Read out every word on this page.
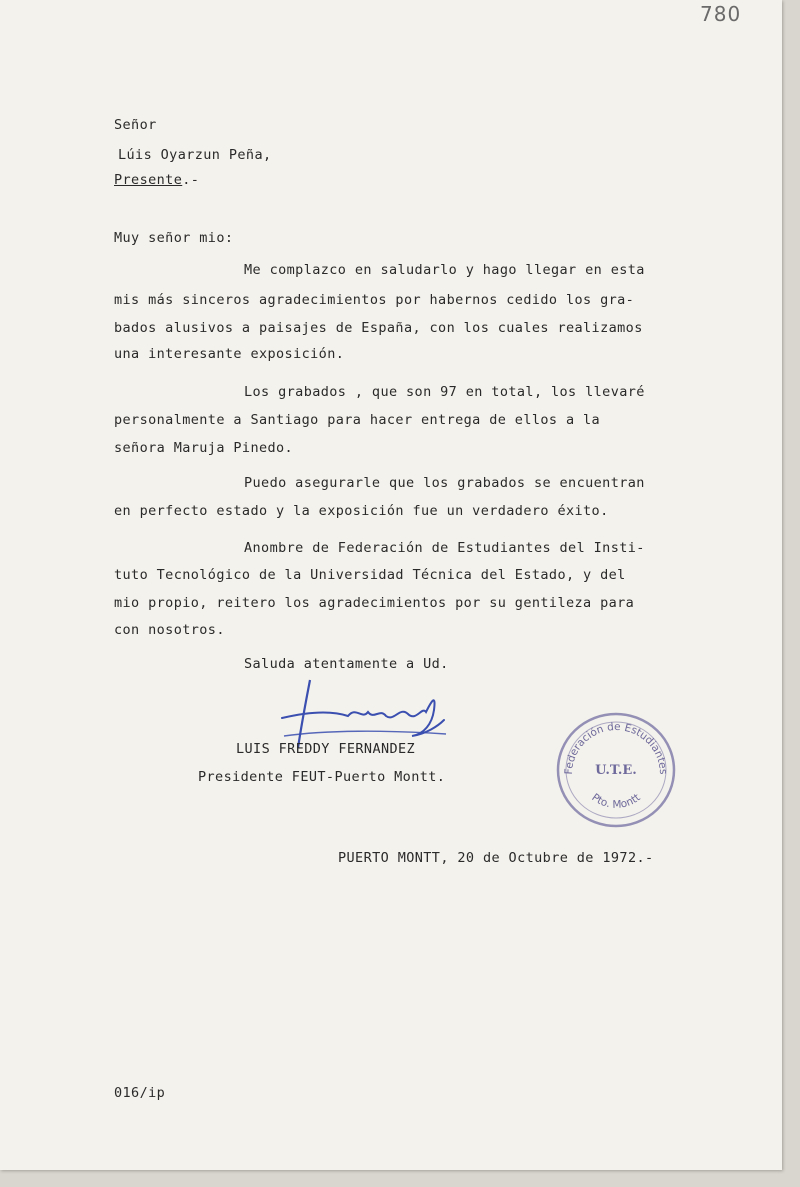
780
Señor
Lúis Oyarzun Peña,
Presente.-
Muy señor mio:
Me complazco en saludarlo y hago llegar en esta
mis más sinceros agradecimientos por habernos cedido los gra-
bados alusivos a paisajes de España, con los cuales realizamos
una interesante exposición.
Los grabados , que son 97 en total, los llevaré
personalmente a Santiago para hacer entrega de ellos a la
señora Maruja Pinedo.
Puedo asegurarle que los grabados se encuentran
en perfecto estado y la exposición fue un verdadero éxito.
Anombre de Federación de Estudiantes del Insti-
tuto Tecnológico de la Universidad Técnica del Estado, y del
mio propio, reitero los agradecimientos por su gentileza para
con nosotros.
Saluda atentamente a Ud.
LUIS FREDDY FERNANDEZ
Presidente FEUT-Puerto Montt.	Federación de Estudiantes
U.T.E.
Pto. Montt
PUERTO MONTT, 20 de Octubre de 1972.-
016/ip
